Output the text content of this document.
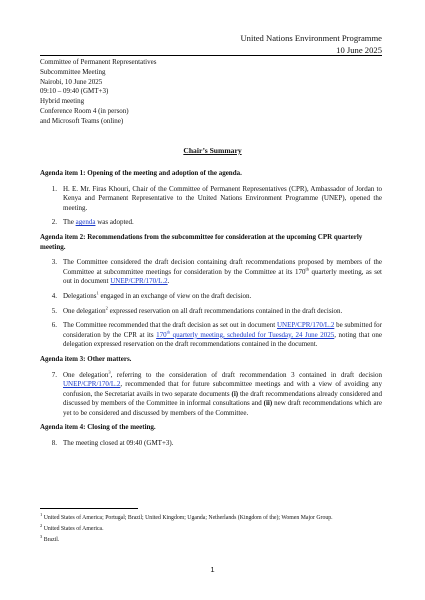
United Nations Environment Programme
10 June 2025
Committee of Permanent Representatives
Subcommittee Meeting
Nairobi, 10 June 2025
09:10 – 09:40 (GMT+3)
Hybrid meeting
Conference Room 4 (in person)
and Microsoft Teams (online)
Chair’s Summary
Agenda item 1: Opening of the meeting and adoption of the agenda.
1. H. E. Mr. Firas Khouri, Chair of the Committee of Permanent Representatives (CPR), Ambassador of Jordan to Kenya and Permanent Representative to the United Nations Environment Programme (UNEP), opened the meeting.
2. The agenda was adopted.
Agenda item 2: Recommendations from the subcommittee for consideration at the upcoming CPR quarterly meeting.
3. The Committee considered the draft decision containing draft recommendations proposed by members of the Committee at subcommittee meetings for consideration by the Committee at its 170th quarterly meeting, as set out in document UNEP/CPR/170/L.2.
4. Delegations$^1$ engaged in an exchange of view on the draft decision.
5. One delegation$^2$ expressed reservation on all draft recommendations contained in the draft decision.
6. The Committee recommended that the draft decision as set out in document UNEP/CPR/170/L.2 be submitted for consideration by the CPR at its 170th quarterly meeting, scheduled for Tuesday, 24 June 2025, noting that one delegation expressed reservation on the draft recommendations contained in the document.
Agenda item 3: Other matters.
7. One delegation$^3$, referring to the consideration of draft recommendation 3 contained in draft decision UNEP/CPR/170/L.2, recommended that for future subcommittee meetings and with a view of avoiding any confusion, the Secretariat avails in two separate documents (i) the draft recommendations already considered and discussed by members of the Committee in informal consultations and (ii) new draft recommendations which are yet to be considered and discussed by members of the Committee.
Agenda item 4: Closing of the meeting.
8. The meeting closed at 09:40 (GMT+3).
$^1$ United States of America; Portugal; Brazil; United Kingdom; Uganda; Netherlands (Kingdom of the); Women Major Group.
$^2$ United States of America.
$^3$ Brazil.
1
